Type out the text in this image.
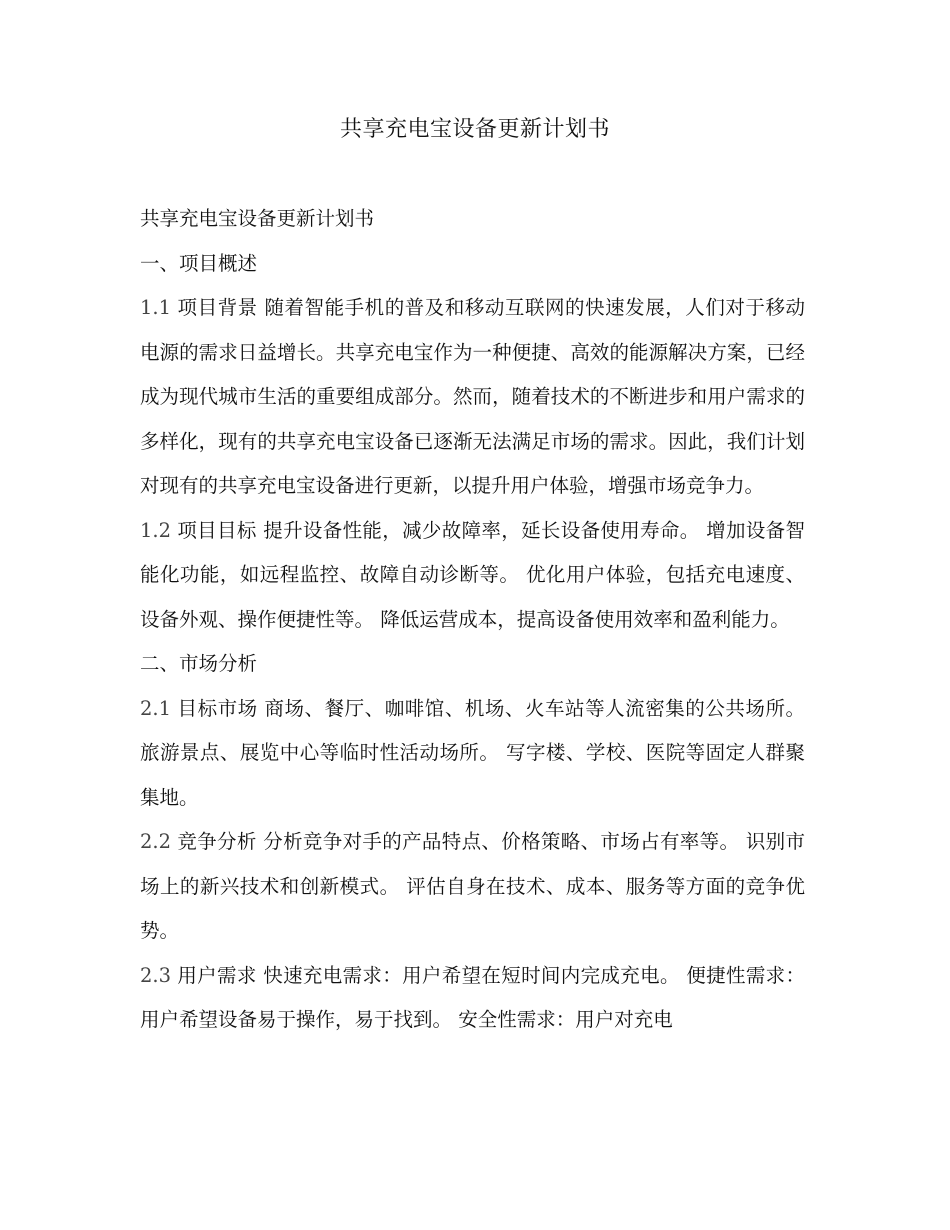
共享充电宝设备更新计划书

共享充电宝设备更新计划书

一、项目概述

1.1 项目背景 随着智能手机的普及和移动互联网的快速发展，人们对于移动电源的需求日益增长。共享充电宝作为一种便捷、高效的能源解决方案，已经成为现代城市生活的重要组成部分。然而，随着技术的不断进步和用户需求的多样化，现有的共享充电宝设备已逐渐无法满足市场的需求。因此，我们计划对现有的共享充电宝设备进行更新，以提升用户体验，增强市场竞争力。

1.2 项目目标 提升设备性能，减少故障率，延长设备使用寿命。 增加设备智能化功能，如远程监控、故障自动诊断等。 优化用户体验，包括充电速度、设备外观、操作便捷性等。 降低运营成本，提高设备使用效率和盈利能力。

二、市场分析

2.1 目标市场 商场、餐厅、咖啡馆、机场、火车站等人流密集的公共场所。 旅游景点、展览中心等临时性活动场所。 写字楼、学校、医院等固定人群聚集地。

2.2 竞争分析 分析竞争对手的产品特点、价格策略、市场占有率等。 识别市场上的新兴技术和创新模式。 评估自身在技术、成本、服务等方面的竞争优势。

2.3 用户需求 快速充电需求：用户希望在短时间内完成充电。 便捷性需求：用户希望设备易于操作，易于找到。 安全性需求：用户对充电
